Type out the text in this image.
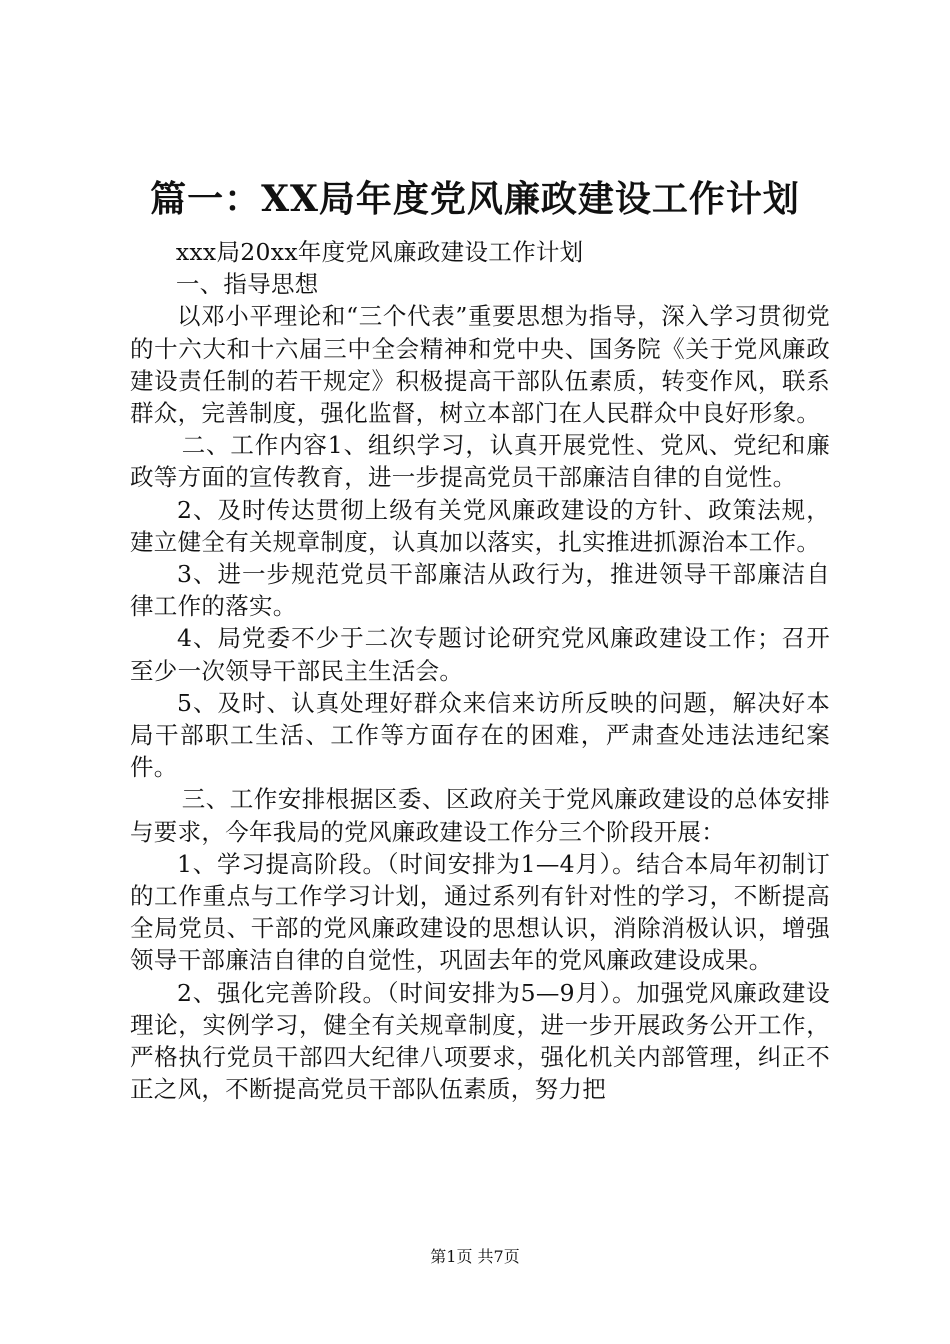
篇一：XX局年度党风廉政建设工作计划

xxx局20xx年度党风廉政建设工作计划

一、指导思想

以邓小平理论和“三个代表”重要思想为指导，深入学习贯彻党的十六大和十六届三中全会精神和党中央、国务院《关于党风廉政建设责任制的若干规定》积极提高干部队伍素质，转变作风，联系群众，完善制度，强化监督，树立本部门在人民群众中良好形象。

二、工作内容1、组织学习，认真开展党性、党风、党纪和廉政等方面的宣传教育，进一步提高党员干部廉洁自律的自觉性。

2、及时传达贯彻上级有关党风廉政建设的方针、政策法规，建立健全有关规章制度，认真加以落实，扎实推进抓源治本工作。

3、进一步规范党员干部廉洁从政行为，推进领导干部廉洁自律工作的落实。

4、局党委不少于二次专题讨论研究党风廉政建设工作；召开至少一次领导干部民主生活会。

5、及时、认真处理好群众来信来访所反映的问题，解决好本局干部职工生活、工作等方面存在的困难，严肃查处违法违纪案件。

三、工作安排根据区委、区政府关于党风廉政建设的总体安排与要求，今年我局的党风廉政建设工作分三个阶段开展：

1、学习提高阶段。（时间安排为1—4月）。结合本局年初制订的工作重点与工作学习计划，通过系列有针对性的学习，不断提高全局党员、干部的党风廉政建设的思想认识，消除消极认识，增强领导干部廉洁自律的自觉性，巩固去年的党风廉政建设成果。

2、强化完善阶段。（时间安排为5—9月）。加强党风廉政建设理论，实例学习，健全有关规章制度，进一步开展政务公开工作，严格执行党员干部四大纪律八项要求，强化机关内部管理，纠正不正之风，不断提高党员干部队伍素质，努力把

第1页 共7页
